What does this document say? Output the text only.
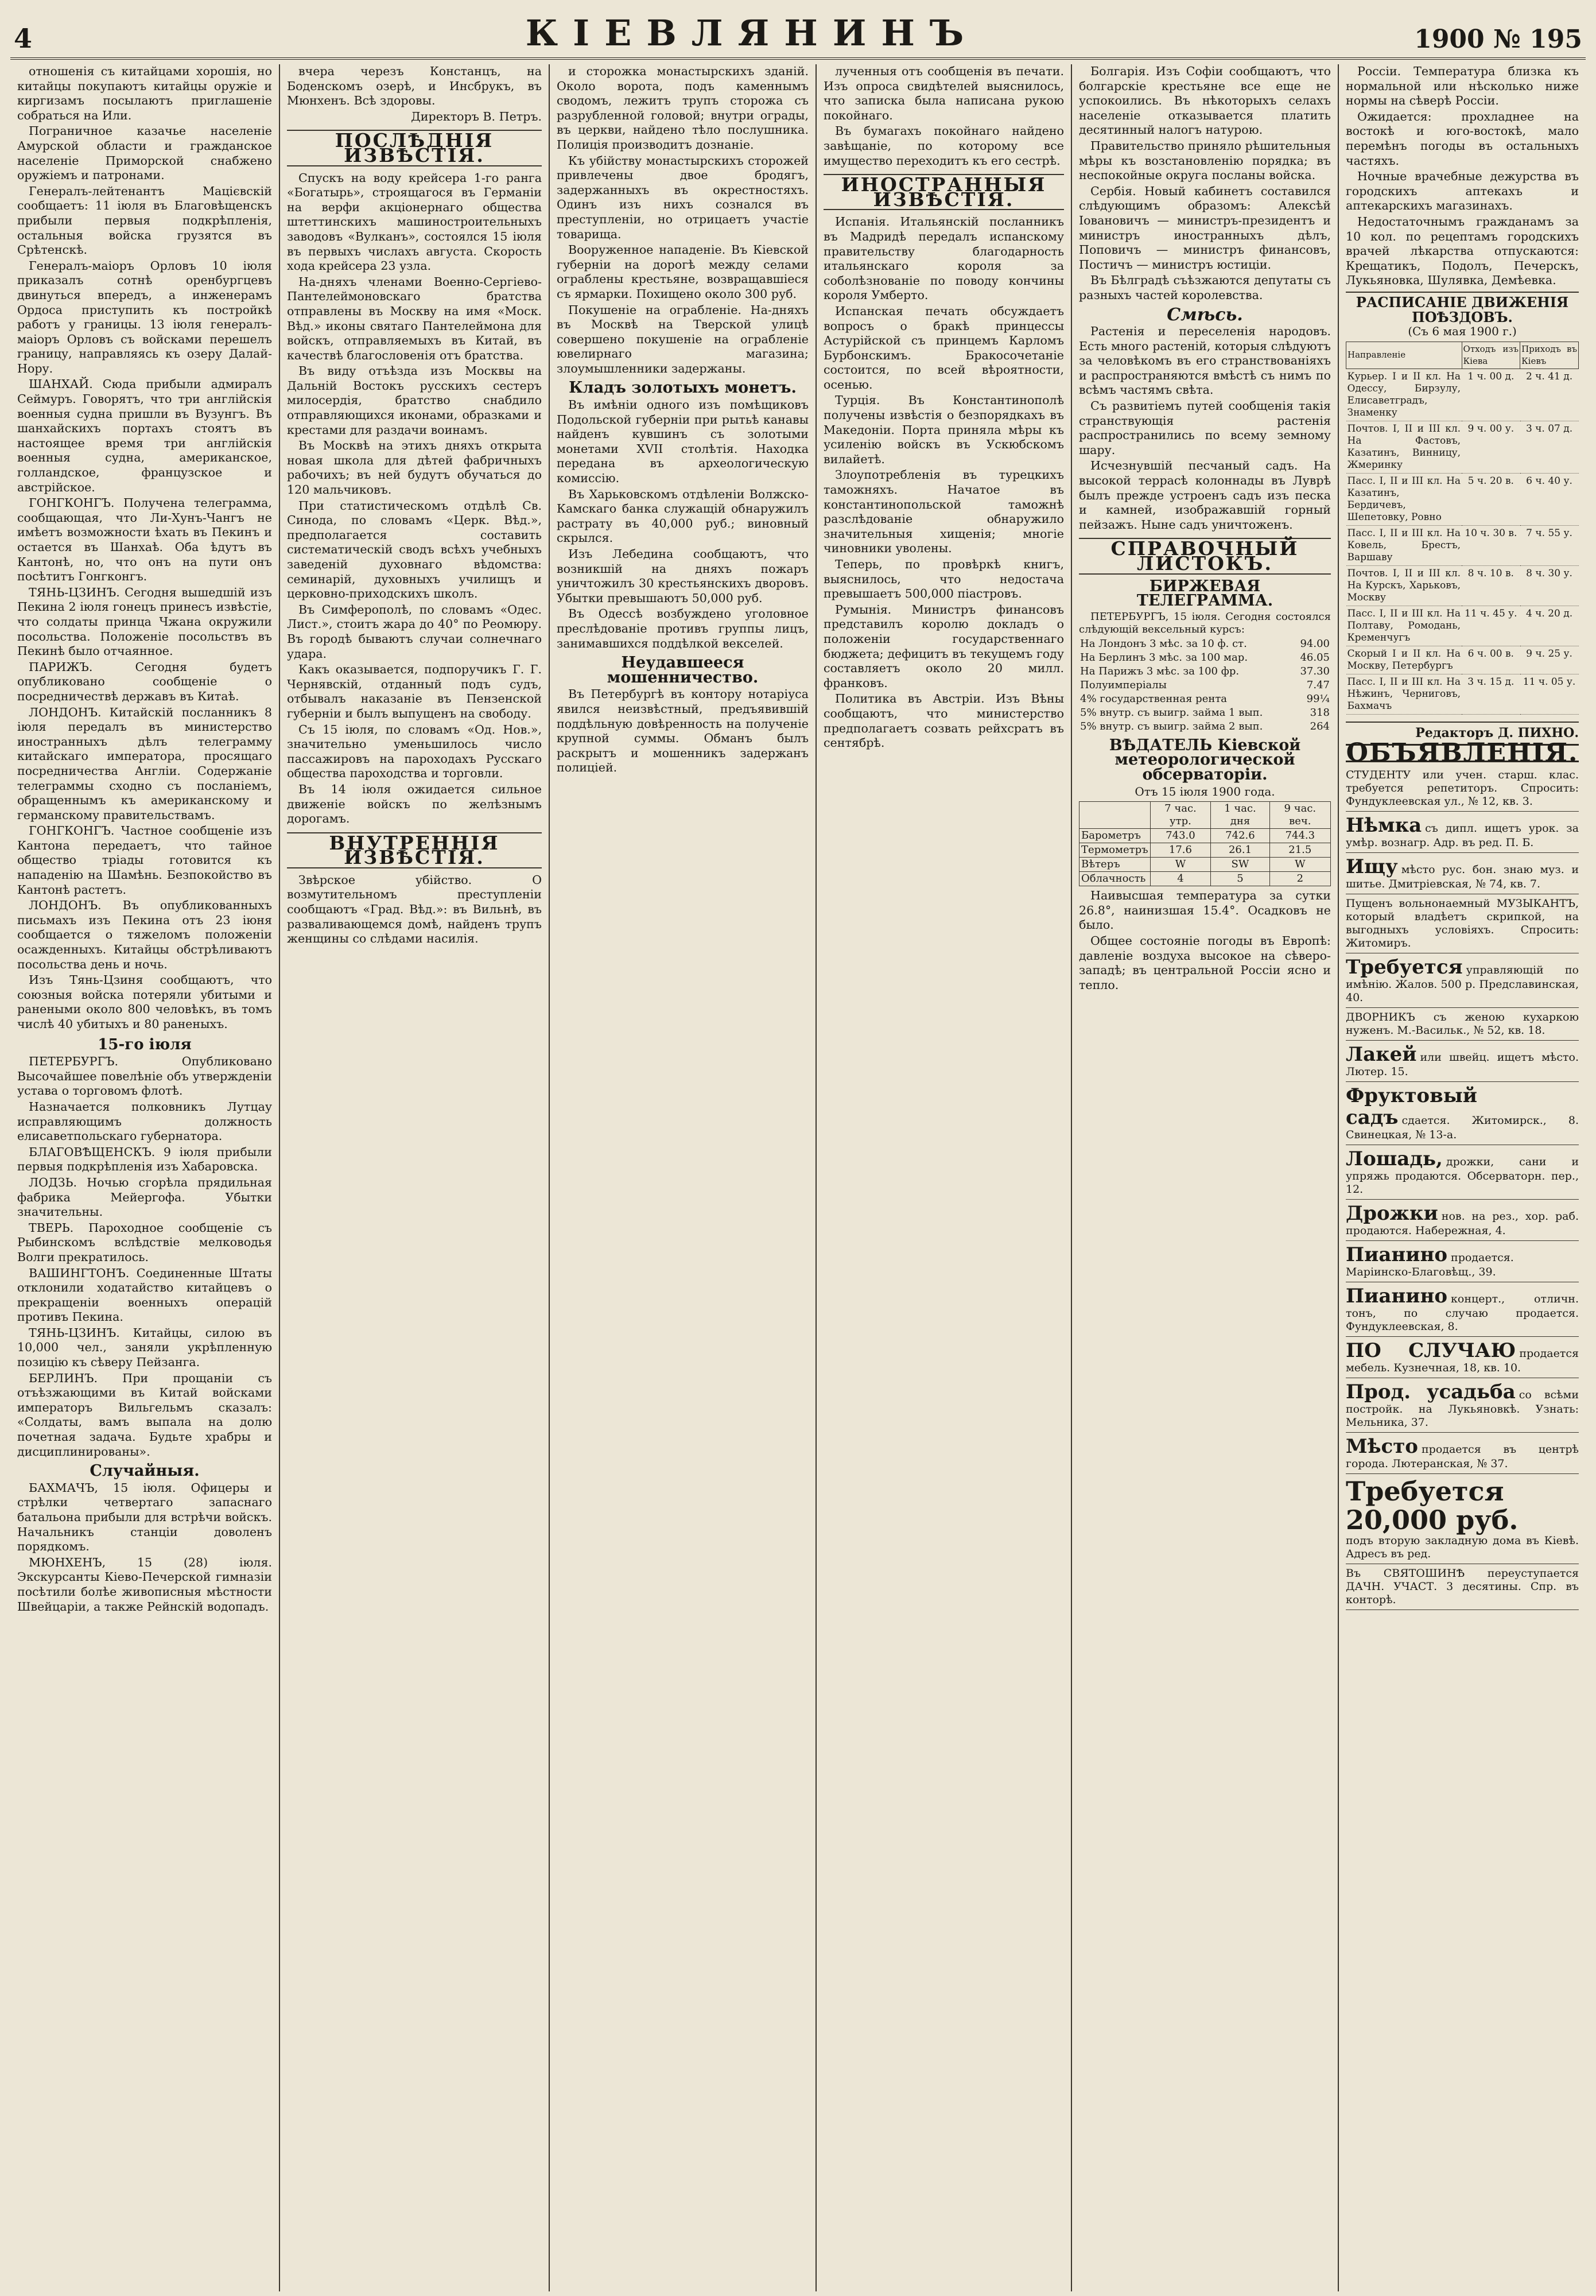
4	КІЕВЛЯНИНЪ	1900 № 195

отношенія съ китайцами хорошія, но китайцы покупаютъ китайцы оружіе и киргизамъ посылаютъ приглашеніе собраться на Или.

Пограничное казачье населеніе Амурской области и гражданское населеніе Приморской снабжено оружіемъ и патронами.

Генералъ-лейтенантъ Мацієвскій сообщаетъ: 11 іюля въ Благовѣщенскъ прибыли первыя подкрѣпленія, остальныя войска грузятся въ Срѣтенскѣ.

Генералъ-маіоръ Орловъ 10 іюля приказалъ сотнѣ оренбургцевъ двинуться впередъ, а инженерамъ Ордоса приступить къ постройкѣ работъ у границы. 13 іюля генералъ-маіоръ Орловъ съ войсками перешелъ границу, направляясь къ озеру Далай-Нору.

ШАНХАЙ. Сюда прибыли адмиралъ Сеймуръ. Говорятъ, что три англійскія военныя судна пришли въ Вузунгъ. Въ шанхайскихъ портахъ стоятъ въ настоящее время три англійскія военныя судна, американское, голландское, французское и австрійское.

ГОНГКОНГЪ. Получена телеграмма, сообщающая, что Ли-Хунъ-Чангъ не имѣетъ возможности ѣхать въ Пекинъ и остается въ Шанхаѣ. Оба ѣдутъ въ Кантонѣ, но, что онъ на пути онъ посѣтитъ Гонгконгъ.

ТЯНЬ-ЦЗИНЪ. Сегодня вышедшій изъ Пекина 2 іюля гонецъ принесъ извѣстіе, что солдаты принца Чжана окружили посольства. Положеніе посольствъ въ Пекинѣ было отчаянное.

ПАРИЖЪ. Сегодня будетъ опубликовано сообщеніе о посредничествѣ державъ въ Китаѣ.

ЛОНДОНЪ. Китайскій посланникъ 8 іюля передалъ въ министерство иностранныхъ дѣлъ телеграмму китайскаго императора, просящаго посредничества Англіи. Содержаніе телеграммы сходно съ посланіемъ, обращеннымъ къ американскому и германскому правительствамъ.

ГОНГКОНГЪ. Частное сообщеніе изъ Кантона передаетъ, что тайное общество тріады готовится къ нападенію на Шамѣнь. Безпокойство въ Кантонѣ растетъ.

ЛОНДОНЪ. Въ опубликованныхъ письмахъ изъ Пекина отъ 23 іюня сообщается о тяжеломъ положеніи осажденныхъ. Китайцы обстрѣливаютъ посольства день и ночь.

Изъ Тянь-Цзиня сообщаютъ, что союзныя войска потеряли убитыми и ранеными около 800 человѣкъ, въ томъ числѣ 40 убитыхъ и 80 раненыхъ.

15-го іюля

ПЕТЕРБУРГЪ. Опубликовано Высочайшее повелѣніе объ утвержденіи устава о торговомъ флотѣ.

Назначается полковникъ Лутцау исправляющимъ должность елисаветпольскаго губернатора.

БЛАГОВѢЩЕНСКЪ. 9 іюля прибыли первыя подкрѣпленія изъ Хабаровска.

ЛОДЗЬ. Ночью сгорѣла прядильная фабрика Мейергофа. Убытки значительны.

ТВЕРЬ. Пароходное сообщеніе съ Рыбинскомъ вслѣдствіе мелководья Волги прекратилось.

ВАШИНГТОНЪ. Соединенные Штаты отклонили ходатайство китайцевъ о прекращеніи военныхъ операцій противъ Пекина.

ТЯНЬ-ЦЗИНЪ. Китайцы, силою въ 10,000 чел., заняли укрѣпленную позицію къ сѣверу Пейзанга.

БЕРЛИНЪ. При прощаніи съ отъѣзжающими въ Китай войсками императоръ Вильгельмъ сказалъ: «Солдаты, вамъ выпала на долю почетная задача. Будьте храбры и дисциплинированы».

Случайныя.

БАХМАЧЪ, 15 іюля. Офицеры и стрѣлки четвертаго запаснаго батальона прибыли для встрѣчи войскъ. Начальникъ станціи доволенъ порядкомъ.

МЮНХЕНЪ, 15 (28) іюля. Экскурсанты Кіево-Печерской гимназіи посѣтили болѣе живописныя мѣстности Швейцаріи, а также Рейнскій водопадъ.

вчера черезъ Констанцъ, на Боденскомъ озерѣ, и Инсбрукъ, въ Мюнхенъ. Всѣ здоровы.

Директоръ В. Петръ.
ПОСЛѢДНІЯ ИЗВѢСТІЯ.

Спускъ на воду крейсера 1-го ранга «Богатырь», строящагося въ Германіи на верфи акціонернаго общества штеттинскихъ машиностроительныхъ заводовъ «Вулканъ», состоялся 15 іюля въ первыхъ числахъ августа. Скорость хода крейсера 23 узла.

На-дняхъ членами Военно-Сергіево-Пантелеймоновскаго братства отправлены въ Москву на имя «Моск. Вѣд.» иконы святаго Пантелеймона для войскъ, отправляемыхъ въ Китай, въ качествѣ благословенія отъ братства.

Въ виду отъѣзда изъ Москвы на Дальній Востокъ русскихъ сестеръ милосердія, братство снабдило отправляющихся иконами, образками и крестами для раздачи воинамъ.

Въ Москвѣ на этихъ дняхъ открыта новая школа для дѣтей фабричныхъ рабочихъ; въ ней будутъ обучаться до 120 мальчиковъ.

При статистическомъ отдѣлѣ Св. Синода, по словамъ «Церк. Вѣд.», предполагается составить систематическій сводъ всѣхъ учебныхъ заведеній духовнаго вѣдомства: семинарій, духовныхъ училищъ и церковно-приходскихъ школъ.

Въ Симферополѣ, по словамъ «Одес. Лист.», стоитъ жара до 40° по Реомюру. Въ городѣ бываютъ случаи солнечнаго удара.

Какъ оказывается, подпоручикъ Г. Г. Чернявскій, отданный подъ судъ, отбывалъ наказаніе въ Пензенской губерніи и былъ выпущенъ на свободу.

Съ 15 іюля, по словамъ «Од. Нов.», значительно уменьшилось число пассажировъ на пароходахъ Русскаго общества пароходства и торговли.

Въ 14 іюля ожидается сильное движеніе войскъ по желѣзнымъ дорогамъ.

ВНУТРЕННІЯ ИЗВѢСТІЯ.

Звѣрское убійство. О возмутительномъ преступленіи сообщаютъ «Град. Вѣд.»: въ Вильнѣ, въ разваливающемся домѣ, найденъ трупъ женщины со слѣдами насилія.

и сторожка монастырскихъ зданій. Около ворота, подъ каменнымъ сводомъ, лежитъ трупъ сторожа съ разрубленной головой; внутри ограды, въ церкви, найдено тѣло послушника. Полиція производитъ дознаніе.

Къ убійству монастырскихъ сторожей привлечены двое бродягъ, задержанныхъ въ окрестностяхъ. Одинъ изъ нихъ сознался въ преступленіи, но отрицаетъ участіе товарища.

Вооруженное нападеніе. Въ Кіевской губерніи на дорогѣ между селами ограблены крестьяне, возвращавшіеся съ ярмарки. Похищено около 300 руб.

Покушеніе на ограбленіе. На-дняхъ въ Москвѣ на Тверской улицѣ совершено покушеніе на ограбленіе ювелирнаго магазина; злоумышленники задержаны.

Кладъ золотыхъ монетъ.

Въ имѣніи одного изъ помѣщиковъ Подольской губерніи при рытьѣ канавы найденъ кувшинъ съ золотыми монетами XVII столѣтія. Находка передана въ археологическую комиссію.

Въ Харьковскомъ отдѣленіи Волжско-Камскаго банка служащій обнаружилъ растрату въ 40,000 руб.; виновный скрылся.

Изъ Лебедина сообщаютъ, что возникшій на дняхъ пожаръ уничтожилъ 30 крестьянскихъ дворовъ. Убытки превышаютъ 50,000 руб.

Въ Одессѣ возбуждено уголовное преслѣдованіе противъ группы лицъ, занимавшихся поддѣлкой векселей.

Неудавшееся мошенничество.

Въ Петербургѣ въ контору нотаріуса явился неизвѣстный, предъявившій поддѣльную довѣренность на полученіе крупной суммы. Обманъ былъ раскрытъ и мошенникъ задержанъ полиціей.

лученныя отъ сообщенія въ печати. Изъ опроса свидѣтелей выяснилось, что записка была написана рукою покойнаго.

Въ бумагахъ покойнаго найдено завѣщаніе, по которому все имущество переходитъ къ его сестрѣ.

ИНОСТРАННЫЯ ИЗВѢСТІЯ.

Испанія. Итальянскій посланникъ въ Мадридѣ передалъ испанскому правительству благодарность итальянскаго короля за соболѣзнованіе по поводу кончины короля Умберто.

Испанская печать обсуждаетъ вопросъ о бракѣ принцессы Астурійской съ принцемъ Карломъ Бурбонскимъ. Бракосочетаніе состоится, по всей вѣроятности, осенью.

Турція. Въ Константинополѣ получены извѣстія о безпорядкахъ въ Македоніи. Порта приняла мѣры къ усиленію войскъ въ Ускюбскомъ вилайетѣ.

Злоупотребленія въ турецкихъ таможняхъ. Начатое въ константинопольской таможнѣ разслѣдованіе обнаружило значительныя хищенія; многіе чиновники уволены.

Теперь, по провѣркѣ книгъ, выяснилось, что недостача превышаетъ 500,000 піастровъ.

Румынія. Министръ финансовъ представилъ королю докладъ о положеніи государственнаго бюджета; дефицитъ въ текущемъ году составляетъ около 20 милл. франковъ.

Политика въ Австріи. Изъ Вѣны сообщаютъ, что министерство предполагаетъ созвать рейхсратъ въ сентябрѣ.

Болгарія. Изъ Софіи сообщаютъ, что болгарскіе крестьяне все еще не успокоились. Въ нѣкоторыхъ селахъ населеніе отказывается платить десятинный налогъ натурою.

Правительство приняло рѣшительныя мѣры къ возстановленію порядка; въ неспокойные округа посланы войска.

Сербія. Новый кабинетъ составился слѣдующимъ образомъ: Алексѣй Іовановичъ — министръ-президентъ и министръ иностранныхъ дѣлъ, Поповичъ — министръ финансовъ, Постичъ — министръ юстиціи.

Въ Бѣлградѣ съѣзжаются депутаты съ разныхъ частей королевства.

Смѣсь.

Растенія и переселенія народовъ. Есть много растеній, которыя слѣдуютъ за человѣкомъ въ его странствованіяхъ и распространяются вмѣстѣ съ нимъ по всѣмъ частямъ свѣта.

Съ развитіемъ путей сообщенія такія странствующія растенія распространились по всему земному шару.

Исчезнувшій песчаный садъ. На высокой террасѣ колоннады въ Луврѣ былъ прежде устроенъ садъ изъ песка и камней, изображавшій горный пейзажъ. Ныне садъ уничтоженъ.

СПРАВОЧНЫЙ ЛИСТОКЪ.
БИРЖЕВАЯ ТЕЛЕГРАММА.

ПЕТЕРБУРГЪ, 15 іюля. Сегодня состоялся слѣдующій вексельный курсъ:

На Лондонъ 3 мѣс. за 10 ф. ст.	94.00
На Берлинъ 3 мѣс. за 100 мар.	46.05
На Парижъ 3 мѣс. за 100 фр.	37.30
Полуимперіалы	7.47
4% государственная рента	99¼
5% внутр. съ выигр. займа 1 вып.	318
5% внутр. съ выигр. займа 2 вып.	264
ВѢДАТЕЛЬ Кіевской метеорологической обсерваторіи.
Отъ 15 іюля 1900 года.
	7 час. утр.	1 час. дня	9 час. веч.
Барометръ	743.0	742.6	744.3
Термометръ	17.6	26.1	21.5
Вѣтеръ	W	SW	W
Облачность	4	5	2

Наивысшая температура за сутки 26.8°, наинизшая 15.4°. Осадковъ не было.

Общее состояніе погоды въ Европѣ: давленіе воздуха высокое на сѣверо-западѣ; въ центральной Россіи ясно и тепло.

Россіи. Температура близка къ нормальной или нѣсколько ниже нормы на сѣверѣ Россіи.

Ожидается: прохладнее на востокѣ и юго-востокѣ, мало перемѣнъ погоды въ остальныхъ частяхъ.

Ночные врачебные дежурства въ городскихъ аптекахъ и аптекарскихъ магазинахъ.

Недостаточнымъ гражданамъ за 10 кол. по рецептамъ городскихъ врачей лѣкарства отпускаются: Крещатикъ, Подолъ, Печерскъ, Лукьяновка, Шулявка, Демѣевка.

РАСПИСАНІЕ ДВИЖЕНІЯ ПОѢЗДОВЪ.
(Съ 6 мая 1900 г.)
Направленіе	Отходъ изъ Кіева	Приходъ въ Кіевъ
Курьер. I и II кл. На Одессу, Бирзулу, Елисаветградъ, Знаменку	1 ч. 00 д.	2 ч. 41 д.
Почтов. I, II и III кл. На Фастовъ, Казатинъ, Винницу, Жмеринку	9 ч. 00 у.	3 ч. 07 д.
Пасс. I, II и III кл. На Казатинъ, Бердичевъ, Шепетовку, Ровно	5 ч. 20 в.	6 ч. 40 у.
Пасс. I, II и III кл. На Ковель, Брестъ, Варшаву	10 ч. 30 в.	7 ч. 55 у.
Почтов. I, II и III кл. На Курскъ, Харьковъ, Москву	8 ч. 10 в.	8 ч. 30 у.
Пасс. I, II и III кл. На Полтаву, Ромодань, Кременчугъ	11 ч. 45 у.	4 ч. 20 д.
Скорый I и II кл. На Москву, Петербургъ	6 ч. 00 в.	9 ч. 25 у.
Пасс. I, II и III кл. На Нѣжинъ, Черниговъ, Бахмачъ	3 ч. 15 д.	11 ч. 05 у.
Редакторъ Д. ПИХНО.
ОБЪЯВЛЕНІЯ.
СТУДЕНТУ или учен. старш. клас. требуется репетиторъ. Спросить: Фундуклеевская ул., № 12, кв. 3.
Нѣмка съ дипл. ищетъ урок. за умѣр. вознагр. Адр. въ ред. П. Б.
Ищу мѣсто рус. бон. знаю муз. и шитье. Дмитріевская, № 74, кв. 7.
Пущенъ вольнонаемный МУЗЫКАНТЪ, который владѣетъ скрипкой, на выгодныхъ условіяхъ. Спросить: Житомиръ.
Требуется управляющій по имѣнію. Жалов. 500 р. Предславинская, 40.
ДВОРНИКЪ съ женою кухаркою нуженъ. М.-Васильк., № 52, кв. 18.
Лакей или швейц. ищетъ мѣсто. Лютер. 15.
Фруктовый садъ сдается. Житомирск., 8. Свинецкая, № 13-а.
Лошадь, дрожки, сани и упряжь продаются. Обсерваторн. пер., 12.
Дрожки нов. на рез., хор. раб. продаются. Набережная, 4.
Пианино продается. Маріинско-Благовѣщ., 39.
Пианино концерт., отличн. тонъ, по случаю продается. Фундуклеевская, 8.
ПО СЛУЧАЮ продается мебель. Кузнечная, 18, кв. 10.
Прод. усадьба со всѣми постройк. на Лукьяновкѣ. Узнать: Мельника, 37.
Мѣсто продается въ центрѣ города. Лютеранская, № 37.
Требуется 20,000 руб.
подъ вторую закладную дома въ Кіевѣ. Адресъ въ ред.
Въ СВЯТОШИНѢ переуступается ДАЧН. УЧАСТ. 3 десятины. Спр. въ конторѣ.
